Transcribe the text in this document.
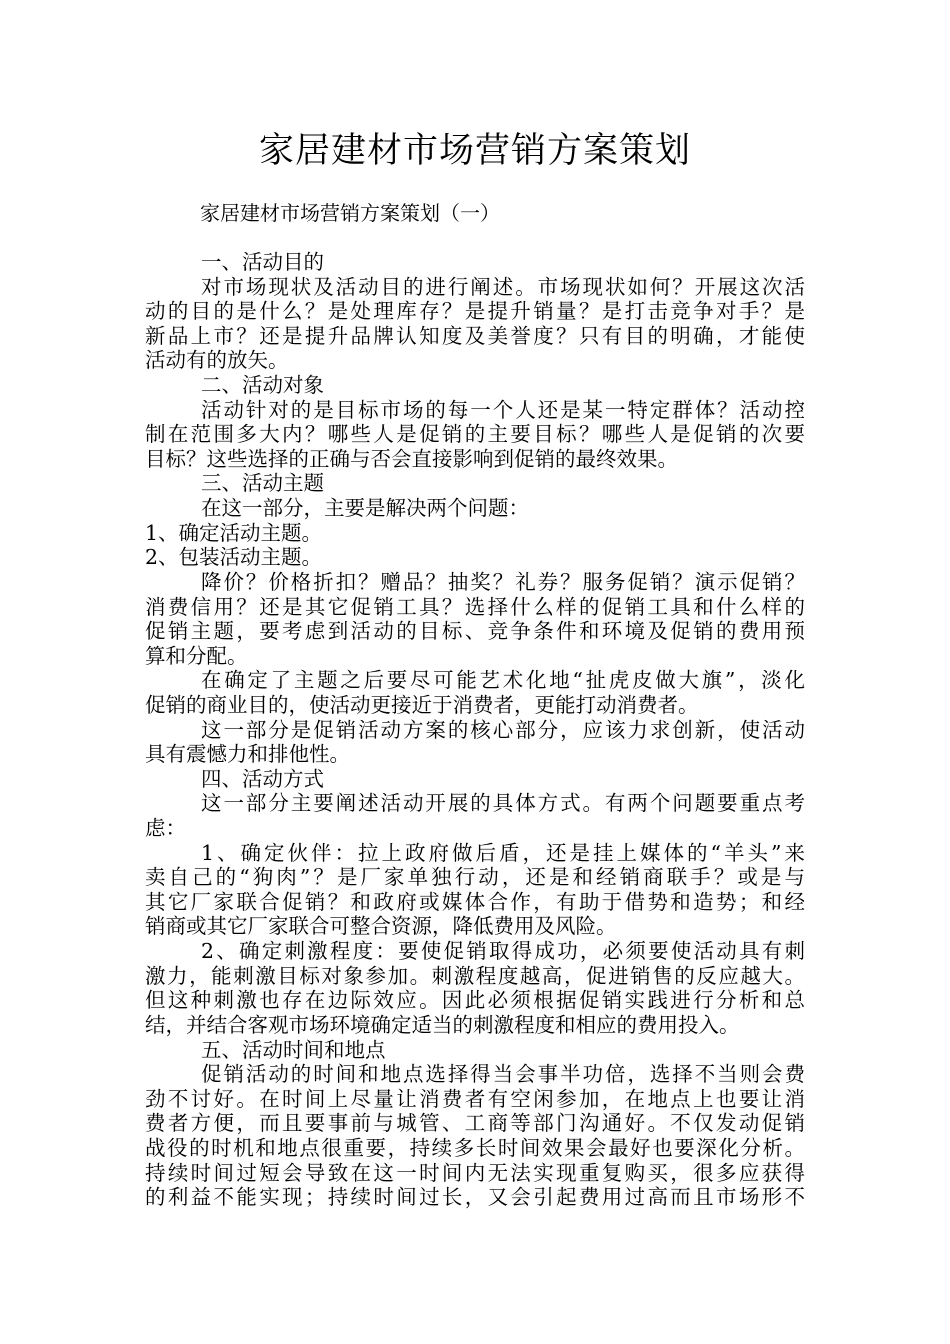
家居建材市场营销方案策划
家居建材市场营销方案策划（一）
一、活动目的
对市场现状及活动目的进行阐述。市场现状如何？开展这次活
动的目的是什么？是处理库存？是提升销量？是打击竞争对手？是
新品上市？还是提升品牌认知度及美誉度？只有目的明确，才能使
活动有的放矢。
二、活动对象
活动针对的是目标市场的每一个人还是某一特定群体？活动控
制在范围多大内？哪些人是促销的主要目标？哪些人是促销的次要
目标？这些选择的正确与否会直接影响到促销的最终效果。
三、活动主题
在这一部分，主要是解决两个问题：
1、确定活动主题。
2、包装活动主题。
降价？价格折扣？赠品？抽奖？礼券？服务促销？演示促销？
消费信用？还是其它促销工具？选择什么样的促销工具和什么样的
促销主题，要考虑到活动的目标、竞争条件和环境及促销的费用预
算和分配。
在确定了主题之后要尽可能艺术化地“扯虎皮做大旗”，淡化
促销的商业目的，使活动更接近于消费者，更能打动消费者。
这一部分是促销活动方案的核心部分，应该力求创新，使活动
具有震憾力和排他性。
四、活动方式
这一部分主要阐述活动开展的具体方式。有两个问题要重点考
虑：
1、确定伙伴：拉上政府做后盾，还是挂上媒体的“羊头”来
卖自己的“狗肉”？是厂家单独行动，还是和经销商联手？或是与
其它厂家联合促销？和政府或媒体合作，有助于借势和造势；和经
销商或其它厂家联合可整合资源，降低费用及风险。
2、确定刺激程度：要使促销取得成功，必须要使活动具有刺
激力，能刺激目标对象参加。刺激程度越高，促进销售的反应越大。
但这种刺激也存在边际效应。因此必须根据促销实践进行分析和总
结，并结合客观市场环境确定适当的刺激程度和相应的费用投入。
五、活动时间和地点
促销活动的时间和地点选择得当会事半功倍，选择不当则会费
劲不讨好。在时间上尽量让消费者有空闲参加，在地点上也要让消
费者方便，而且要事前与城管、工商等部门沟通好。不仅发动促销
战役的时机和地点很重要，持续多长时间效果会最好也要深化分析。
持续时间过短会导致在这一时间内无法实现重复购买，很多应获得
的利益不能实现；持续时间过长，又会引起费用过高而且市场形不
